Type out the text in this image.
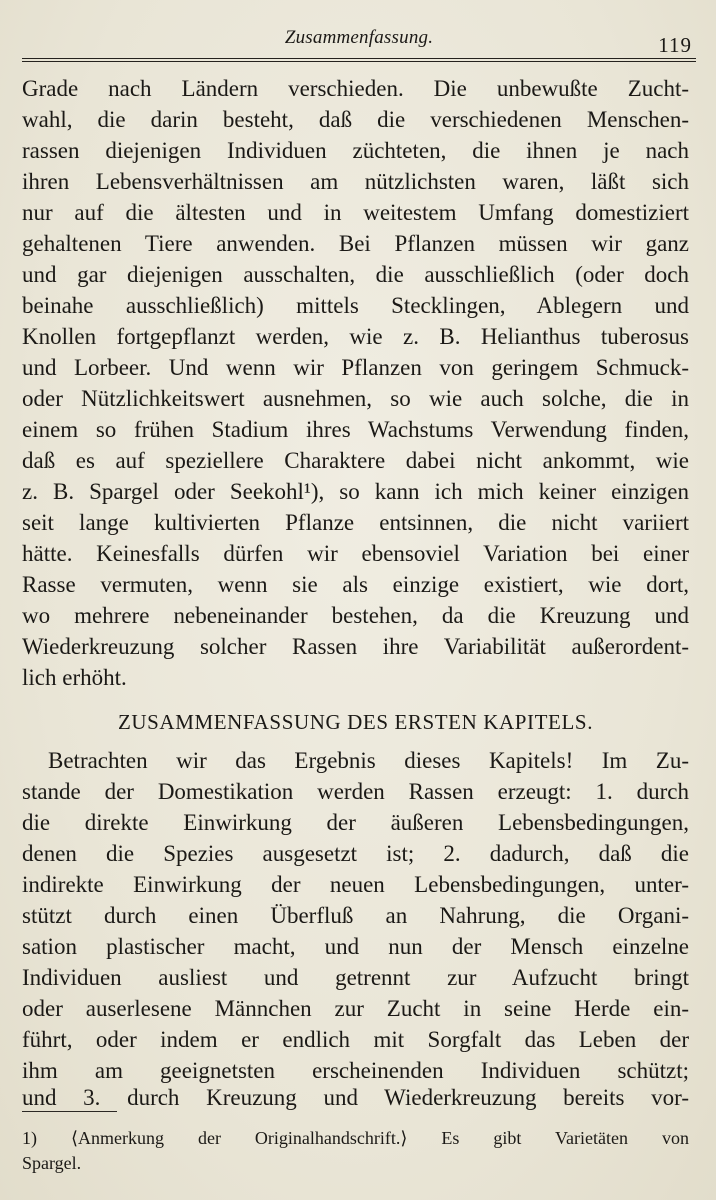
Zusammenfassung.	119
Grade nach Ländern verschieden. Die unbewußte Zucht-
wahl, die darin besteht, daß die verschiedenen Menschen-
rassen diejenigen Individuen züchteten, die ihnen je nach
ihren Lebensverhältnissen am nützlichsten waren, läßt sich
nur auf die ältesten und in weitestem Umfang domestiziert
gehaltenen Tiere anwenden. Bei Pflanzen müssen wir ganz
und gar diejenigen ausschalten, die ausschließlich (oder doch
beinahe ausschließlich) mittels Stecklingen, Ablegern und
Knollen fortgepflanzt werden, wie z. B. Helianthus tuberosus
und Lorbeer. Und wenn wir Pflanzen von geringem Schmuck-
oder Nützlichkeitswert ausnehmen, so wie auch solche, die in
einem so frühen Stadium ihres Wachstums Verwendung finden,
daß es auf speziellere Charaktere dabei nicht ankommt, wie
z. B. Spargel oder Seekohl¹), so kann ich mich keiner einzigen
seit lange kultivierten Pflanze entsinnen, die nicht variiert
hätte. Keinesfalls dürfen wir ebensoviel Variation bei einer
Rasse vermuten, wenn sie als einzige existiert, wie dort,
wo mehrere nebeneinander bestehen, da die Kreuzung und
Wiederkreuzung solcher Rassen ihre Variabilität außerordent-
lich erhöht.
ZUSAMMENFASSUNG DES ERSTEN KAPITELS.
Betrachten wir das Ergebnis dieses Kapitels! Im Zu-
stande der Domestikation werden Rassen erzeugt: 1. durch
die direkte Einwirkung der äußeren Lebensbedingungen,
denen die Spezies ausgesetzt ist; 2. dadurch, daß die
indirekte Einwirkung der neuen Lebensbedingungen, unter-
stützt durch einen Überfluß an Nahrung, die Organi-
sation plastischer macht, und nun der Mensch einzelne
Individuen ausliest und getrennt zur Aufzucht bringt
oder auserlesene Männchen zur Zucht in seine Herde ein-
führt, oder indem er endlich mit Sorgfalt das Leben der
ihm am geeignetsten erscheinenden Individuen schützt;
und 3. durch Kreuzung und Wiederkreuzung bereits vor-
1) ⟨Anmerkung der Originalhandschrift.⟩ Es gibt Varietäten von
Spargel.
